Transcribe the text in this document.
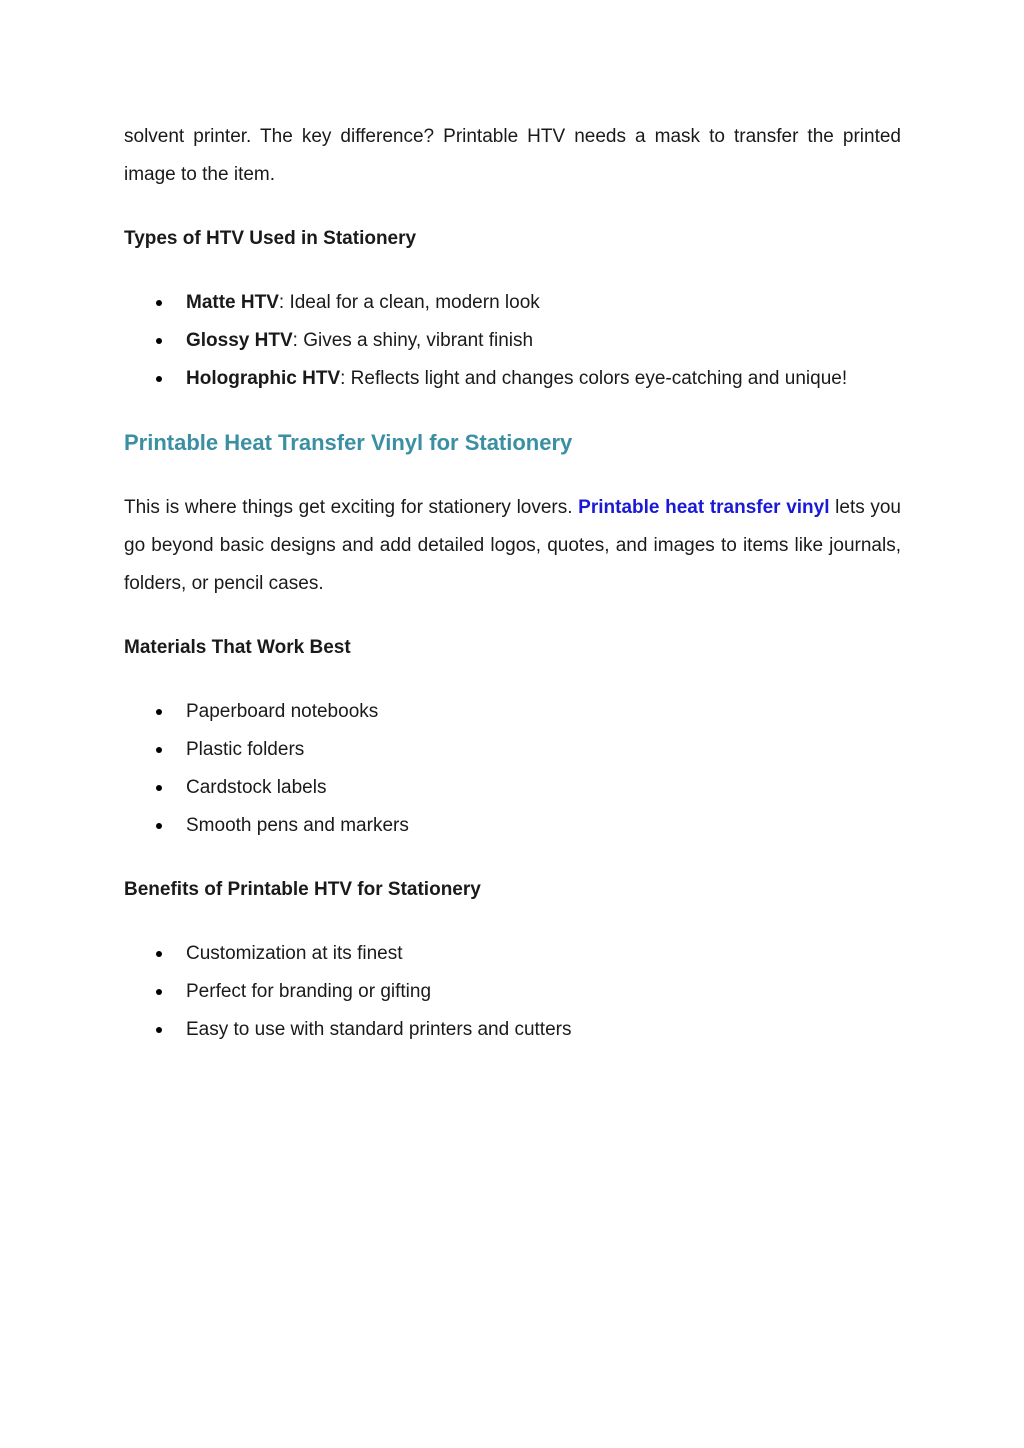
solvent printer. The key difference? Printable HTV needs a mask to transfer the printed image to the item.

Types of HTV Used in Stationery
Matte HTV: Ideal for a clean, modern look
Glossy HTV: Gives a shiny, vibrant finish
Holographic HTV: Reflects light and changes colors eye-catching and unique!
Printable Heat Transfer Vinyl for Stationery

This is where things get exciting for stationery lovers. Printable heat transfer vinyl lets you go beyond basic designs and add detailed logos, quotes, and images to items like journals, folders, or pencil cases.

Materials That Work Best
Paperboard notebooks
Plastic folders
Cardstock labels
Smooth pens and markers
Benefits of Printable HTV for Stationery
Customization at its finest
Perfect for branding or gifting
Easy to use with standard printers and cutters
